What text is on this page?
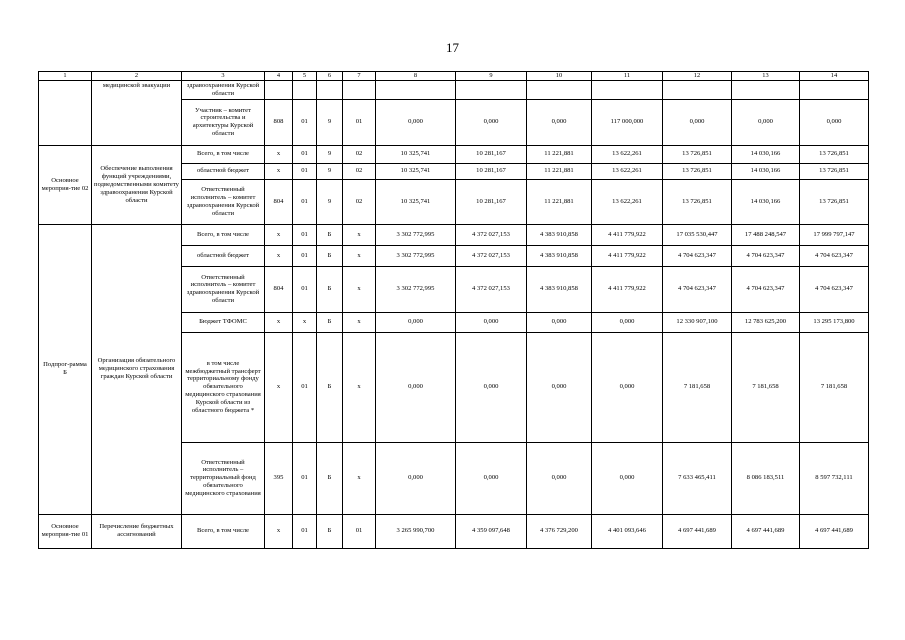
17
1	2	3	4	5	6	7	8	9	10	11	12	13	14
	медицинской эвакуации	здравоохранения Курской области											
		Участник – комитет строительства и архитектуры Курской области	808	01	9	01	0,000	0,000	0,000	117 000,000	0,000	0,000	0,000
Основное мероприя-тие 02	Обеспечение выполнения функций учреждениями, подведомственными комитету здравоохранения Курской области	Всего, в том числе	х	01	9	02	10 325,741	10 281,167	11 221,881	13 622,261	13 726,851	14 030,166	13 726,851
		областной бюджет	х	01	9	02	10 325,741	10 281,167	11 221,881	13 622,261	13 726,851	14 030,166	13 726,851
		Ответственный исполнитель – комитет здравоохранения Курской области	804	01	9	02	10 325,741	10 281,167	11 221,881	13 622,261	13 726,851	14 030,166	13 726,851
Подпрог-рамма Б	Организация обязательного медицинского страхования граждан Курской области	Всего, в том числе	х	01	Б	х	3 302 772,995	4 372 027,153	4 383 910,858	4 411 779,922	17 035 530,447	17 488 248,547	17 999 797,147
		областной бюджет	х	01	Б	х	3 302 772,995	4 372 027,153	4 383 910,858	4 411 779,922	4 704 623,347	4 704 623,347	4 704 623,347
		Ответственный исполнитель – комитет здравоохранения Курской области	804	01	Б	х	3 302 772,995	4 372 027,153	4 383 910,858	4 411 779,922	4 704 623,347	4 704 623,347	4 704 623,347
		Бюджет ТФОМС	х	х	Б	х	0,000	0,000	0,000	0,000	12 330 907,100	12 783 625,200	13 295 173,800
		в том числе межбюджетный трансферт территориальному фонду обязательного медицинского страхования Курской области из областного бюджета *	х	01	Б	х	0,000	0,000	0,000	0,000	7 181,658	7 181,658	7 181,658
		Ответственный исполнитель – территориальный фонд обязательного медицинского страхования	395	01	Б	х	0,000	0,000	0,000	0,000	7 633 465,411	8 086 183,511	8 597 732,111
Основное мероприя-тие 01	Перечисление бюджетных ассигнований	Всего, в том числе	х	01	Б	01	3 265 990,700	4 359 097,648	4 376 729,200	4 401 093,646	4 697 441,689	4 697 441,689	4 697 441,689
